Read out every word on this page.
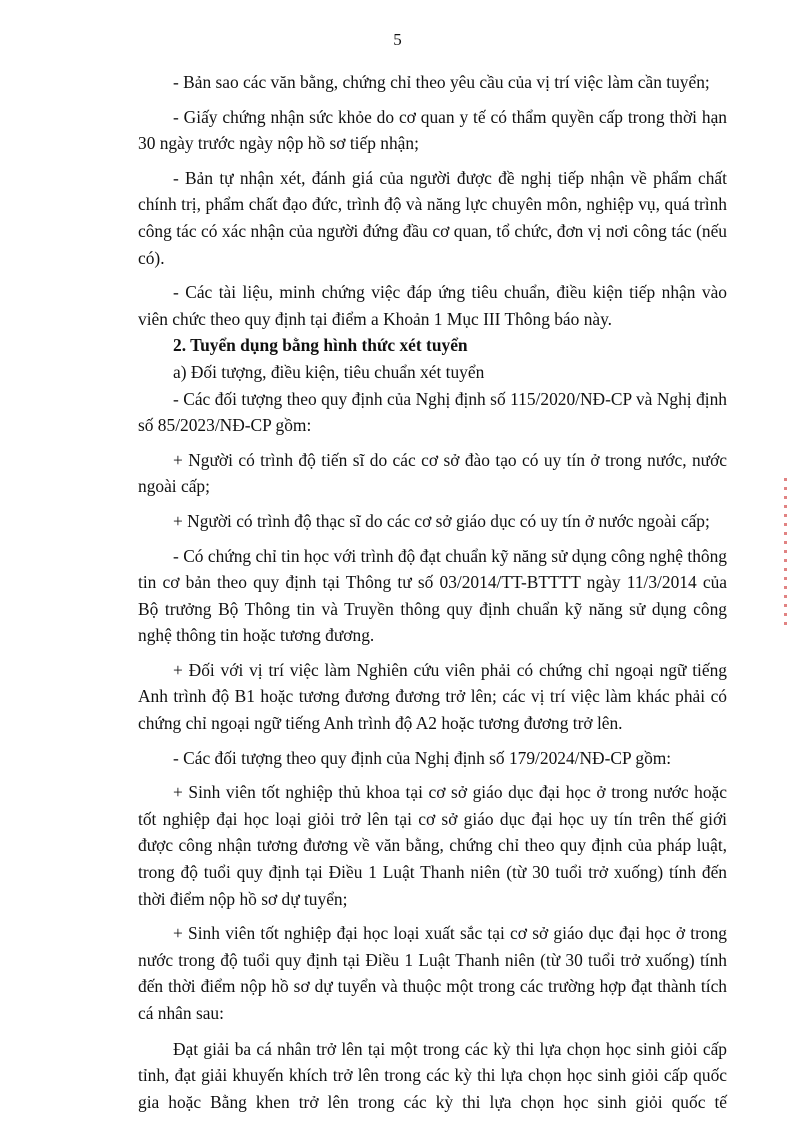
5

- Bản sao các văn bằng, chứng chỉ theo yêu cầu của vị trí việc làm cần tuyển;

- Giấy chứng nhận sức khỏe do cơ quan y tế có thẩm quyền cấp trong thời hạn 30 ngày trước ngày nộp hồ sơ tiếp nhận;

- Bản tự nhận xét, đánh giá của người được đề nghị tiếp nhận về phẩm chất chính trị, phẩm chất đạo đức, trình độ và năng lực chuyên môn, nghiệp vụ, quá trình công tác có xác nhận của người đứng đầu cơ quan, tổ chức, đơn vị nơi công tác (nếu có).

- Các tài liệu, minh chứng việc đáp ứng tiêu chuẩn, điều kiện tiếp nhận vào viên chức theo quy định tại điểm a Khoản 1 Mục III Thông báo này.

2. Tuyển dụng bằng hình thức xét tuyển

a) Đối tượng, điều kiện, tiêu chuẩn xét tuyển

- Các đối tượng theo quy định của Nghị định số 115/2020/NĐ-CP và Nghị định số 85/2023/NĐ-CP gồm:

+ Người có trình độ tiến sĩ do các cơ sở đào tạo có uy tín ở trong nước, nước ngoài cấp;

+ Người có trình độ thạc sĩ do các cơ sở giáo dục có uy tín ở nước ngoài cấp;

- Có chứng chỉ tin học với trình độ đạt chuẩn kỹ năng sử dụng công nghệ thông tin cơ bản theo quy định tại Thông tư số 03/2014/TT-BTTTT ngày 11/3/2014 của Bộ trưởng Bộ Thông tin và Truyền thông quy định chuẩn kỹ năng sử dụng công nghệ thông tin hoặc tương đương.

+ Đối với vị trí việc làm Nghiên cứu viên phải có chứng chỉ ngoại ngữ tiếng Anh trình độ B1 hoặc tương đương đương trở lên; các vị trí việc làm khác phải có chứng chỉ ngoại ngữ tiếng Anh trình độ A2 hoặc tương đương trở lên.

- Các đối tượng theo quy định của Nghị định số 179/2024/NĐ-CP gồm:

+ Sinh viên tốt nghiệp thủ khoa tại cơ sở giáo dục đại học ở trong nước hoặc tốt nghiệp đại học loại giỏi trở lên tại cơ sở giáo dục đại học uy tín trên thế giới được công nhận tương đương về văn bằng, chứng chỉ theo quy định của pháp luật, trong độ tuổi quy định tại Điều 1 Luật Thanh niên (từ 30 tuổi trở xuống) tính đến thời điểm nộp hồ sơ dự tuyển;

+ Sinh viên tốt nghiệp đại học loại xuất sắc tại cơ sở giáo dục đại học ở trong nước trong độ tuổi quy định tại Điều 1 Luật Thanh niên (từ 30 tuổi trở xuống) tính đến thời điểm nộp hồ sơ dự tuyển và thuộc một trong các trường hợp đạt thành tích cá nhân sau:

Đạt giải ba cá nhân trở lên tại một trong các kỳ thi lựa chọn học sinh giỏi cấp tỉnh, đạt giải khuyến khích trở lên trong các kỳ thi lựa chọn học sinh giỏi cấp quốc gia hoặc Bằng khen trở lên trong các kỳ thi lựa chọn học sinh giỏi quốc tế
